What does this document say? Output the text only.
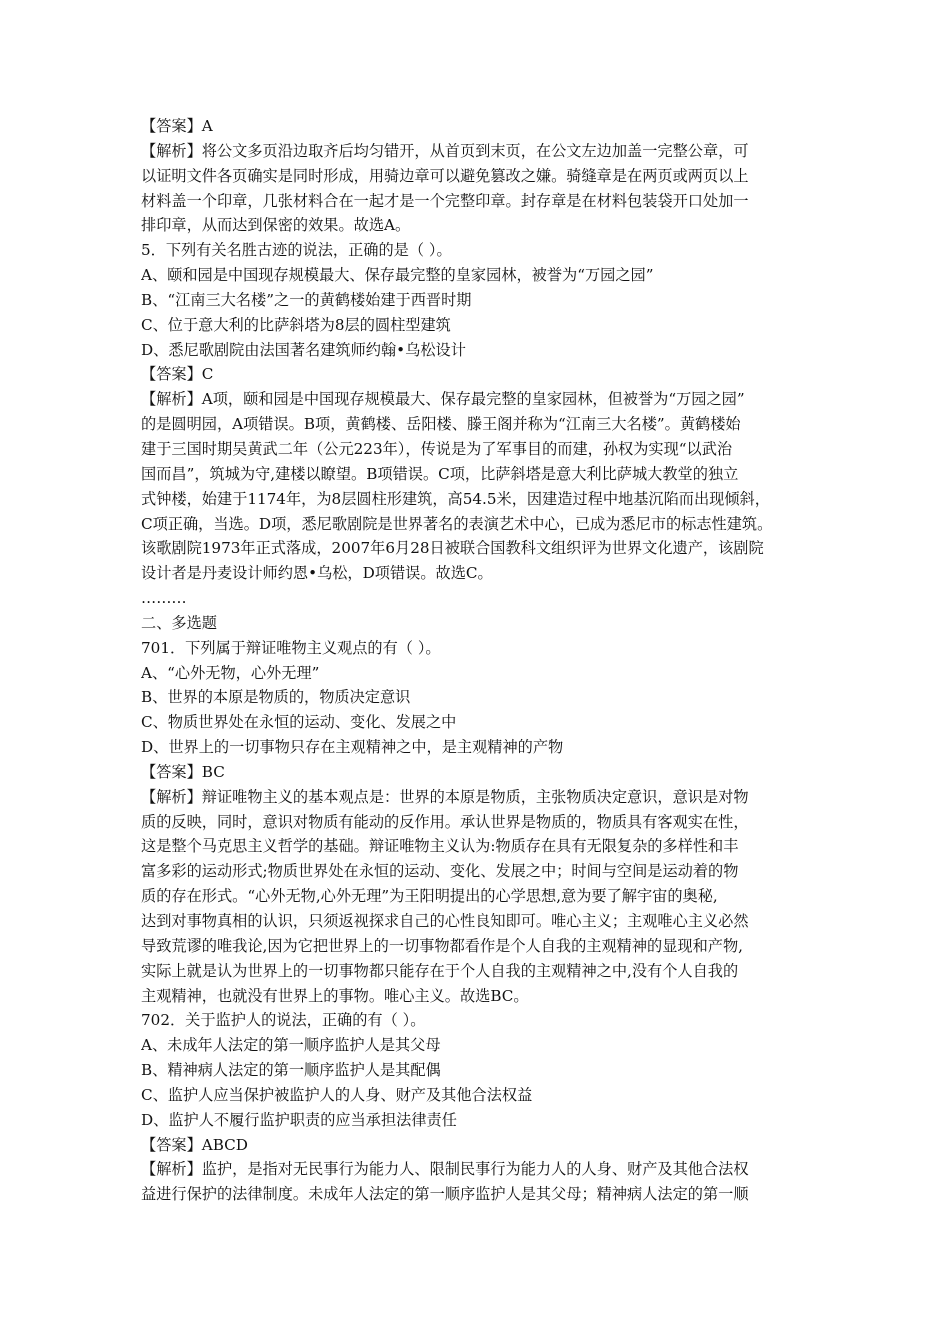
【答案】A
【解析】将公文多页沿边取齐后均匀错开，从首页到末页，在公文左边加盖一完整公章，可
以证明文件各页确实是同时形成，用骑边章可以避免篡改之嫌。骑缝章是在两页或两页以上
材料盖一个印章，几张材料合在一起才是一个完整印章。封存章是在材料包装袋开口处加一
排印章，从而达到保密的效果。故选A。
5．下列有关名胜古迹的说法，正确的是（ ）。
A、颐和园是中国现存规模最大、保存最完整的皇家园林，被誉为“万园之园”
B、“江南三大名楼”之一的黄鹤楼始建于西晋时期
C、位于意大利的比萨斜塔为8层的圆柱型建筑
D、悉尼歌剧院由法国著名建筑师约翰•乌松设计
【答案】C
【解析】A项，颐和园是中国现存规模最大、保存最完整的皇家园林，但被誉为“万园之园”
的是圆明园，A项错误。B项，黄鹤楼、岳阳楼、滕王阁并称为“江南三大名楼”。黄鹤楼始
建于三国时期吴黄武二年（公元223年），传说是为了军事目的而建，孙权为实现“以武治
国而昌”，筑城为守,建楼以瞭望。B项错误。C项，比萨斜塔是意大利比萨城大教堂的独立
式钟楼，始建于1174年，为8层圆柱形建筑，高54.5米，因建造过程中地基沉陷而出现倾斜，
C项正确，当选。D项，悉尼歌剧院是世界著名的表演艺术中心，已成为悉尼市的标志性建筑。
该歌剧院1973年正式落成，2007年6月28日被联合国教科文组织评为世界文化遗产，该剧院
设计者是丹麦设计师约恩•乌松，D项错误。故选C。
………
二、多选题
701．下列属于辩证唯物主义观点的有（ ）。
A、“心外无物，心外无理”
B、世界的本原是物质的，物质决定意识
C、物质世界处在永恒的运动、变化、发展之中
D、世界上的一切事物只存在主观精神之中，是主观精神的产物
【答案】BC
【解析】辩证唯物主义的基本观点是：世界的本原是物质，主张物质决定意识，意识是对物
质的反映，同时，意识对物质有能动的反作用。承认世界是物质的，物质具有客观实在性，
这是整个马克思主义哲学的基础。辩证唯物主义认为:物质存在具有无限复杂的多样性和丰
富多彩的运动形式;物质世界处在永恒的运动、变化、发展之中；时间与空间是运动着的物
质的存在形式。“心外无物,心外无理”为王阳明提出的心学思想,意为要了解宇宙的奥秘,
达到对事物真相的认识，只须返视探求自己的心性良知即可。唯心主义；主观唯心主义必然
导致荒谬的唯我论,因为它把世界上的一切事物都看作是个人自我的主观精神的显现和产物,
实际上就是认为世界上的一切事物都只能存在于个人自我的主观精神之中,没有个人自我的
主观精神，也就没有世界上的事物。唯心主义。故选BC。
702．关于监护人的说法，正确的有（ ）。
A、未成年人法定的第一顺序监护人是其父母
B、精神病人法定的第一顺序监护人是其配偶
C、监护人应当保护被监护人的人身、财产及其他合法权益
D、监护人不履行监护职责的应当承担法律责任
【答案】ABCD
【解析】监护，是指对无民事行为能力人、限制民事行为能力人的人身、财产及其他合法权
益进行保护的法律制度。未成年人法定的第一顺序监护人是其父母；精神病人法定的第一顺
